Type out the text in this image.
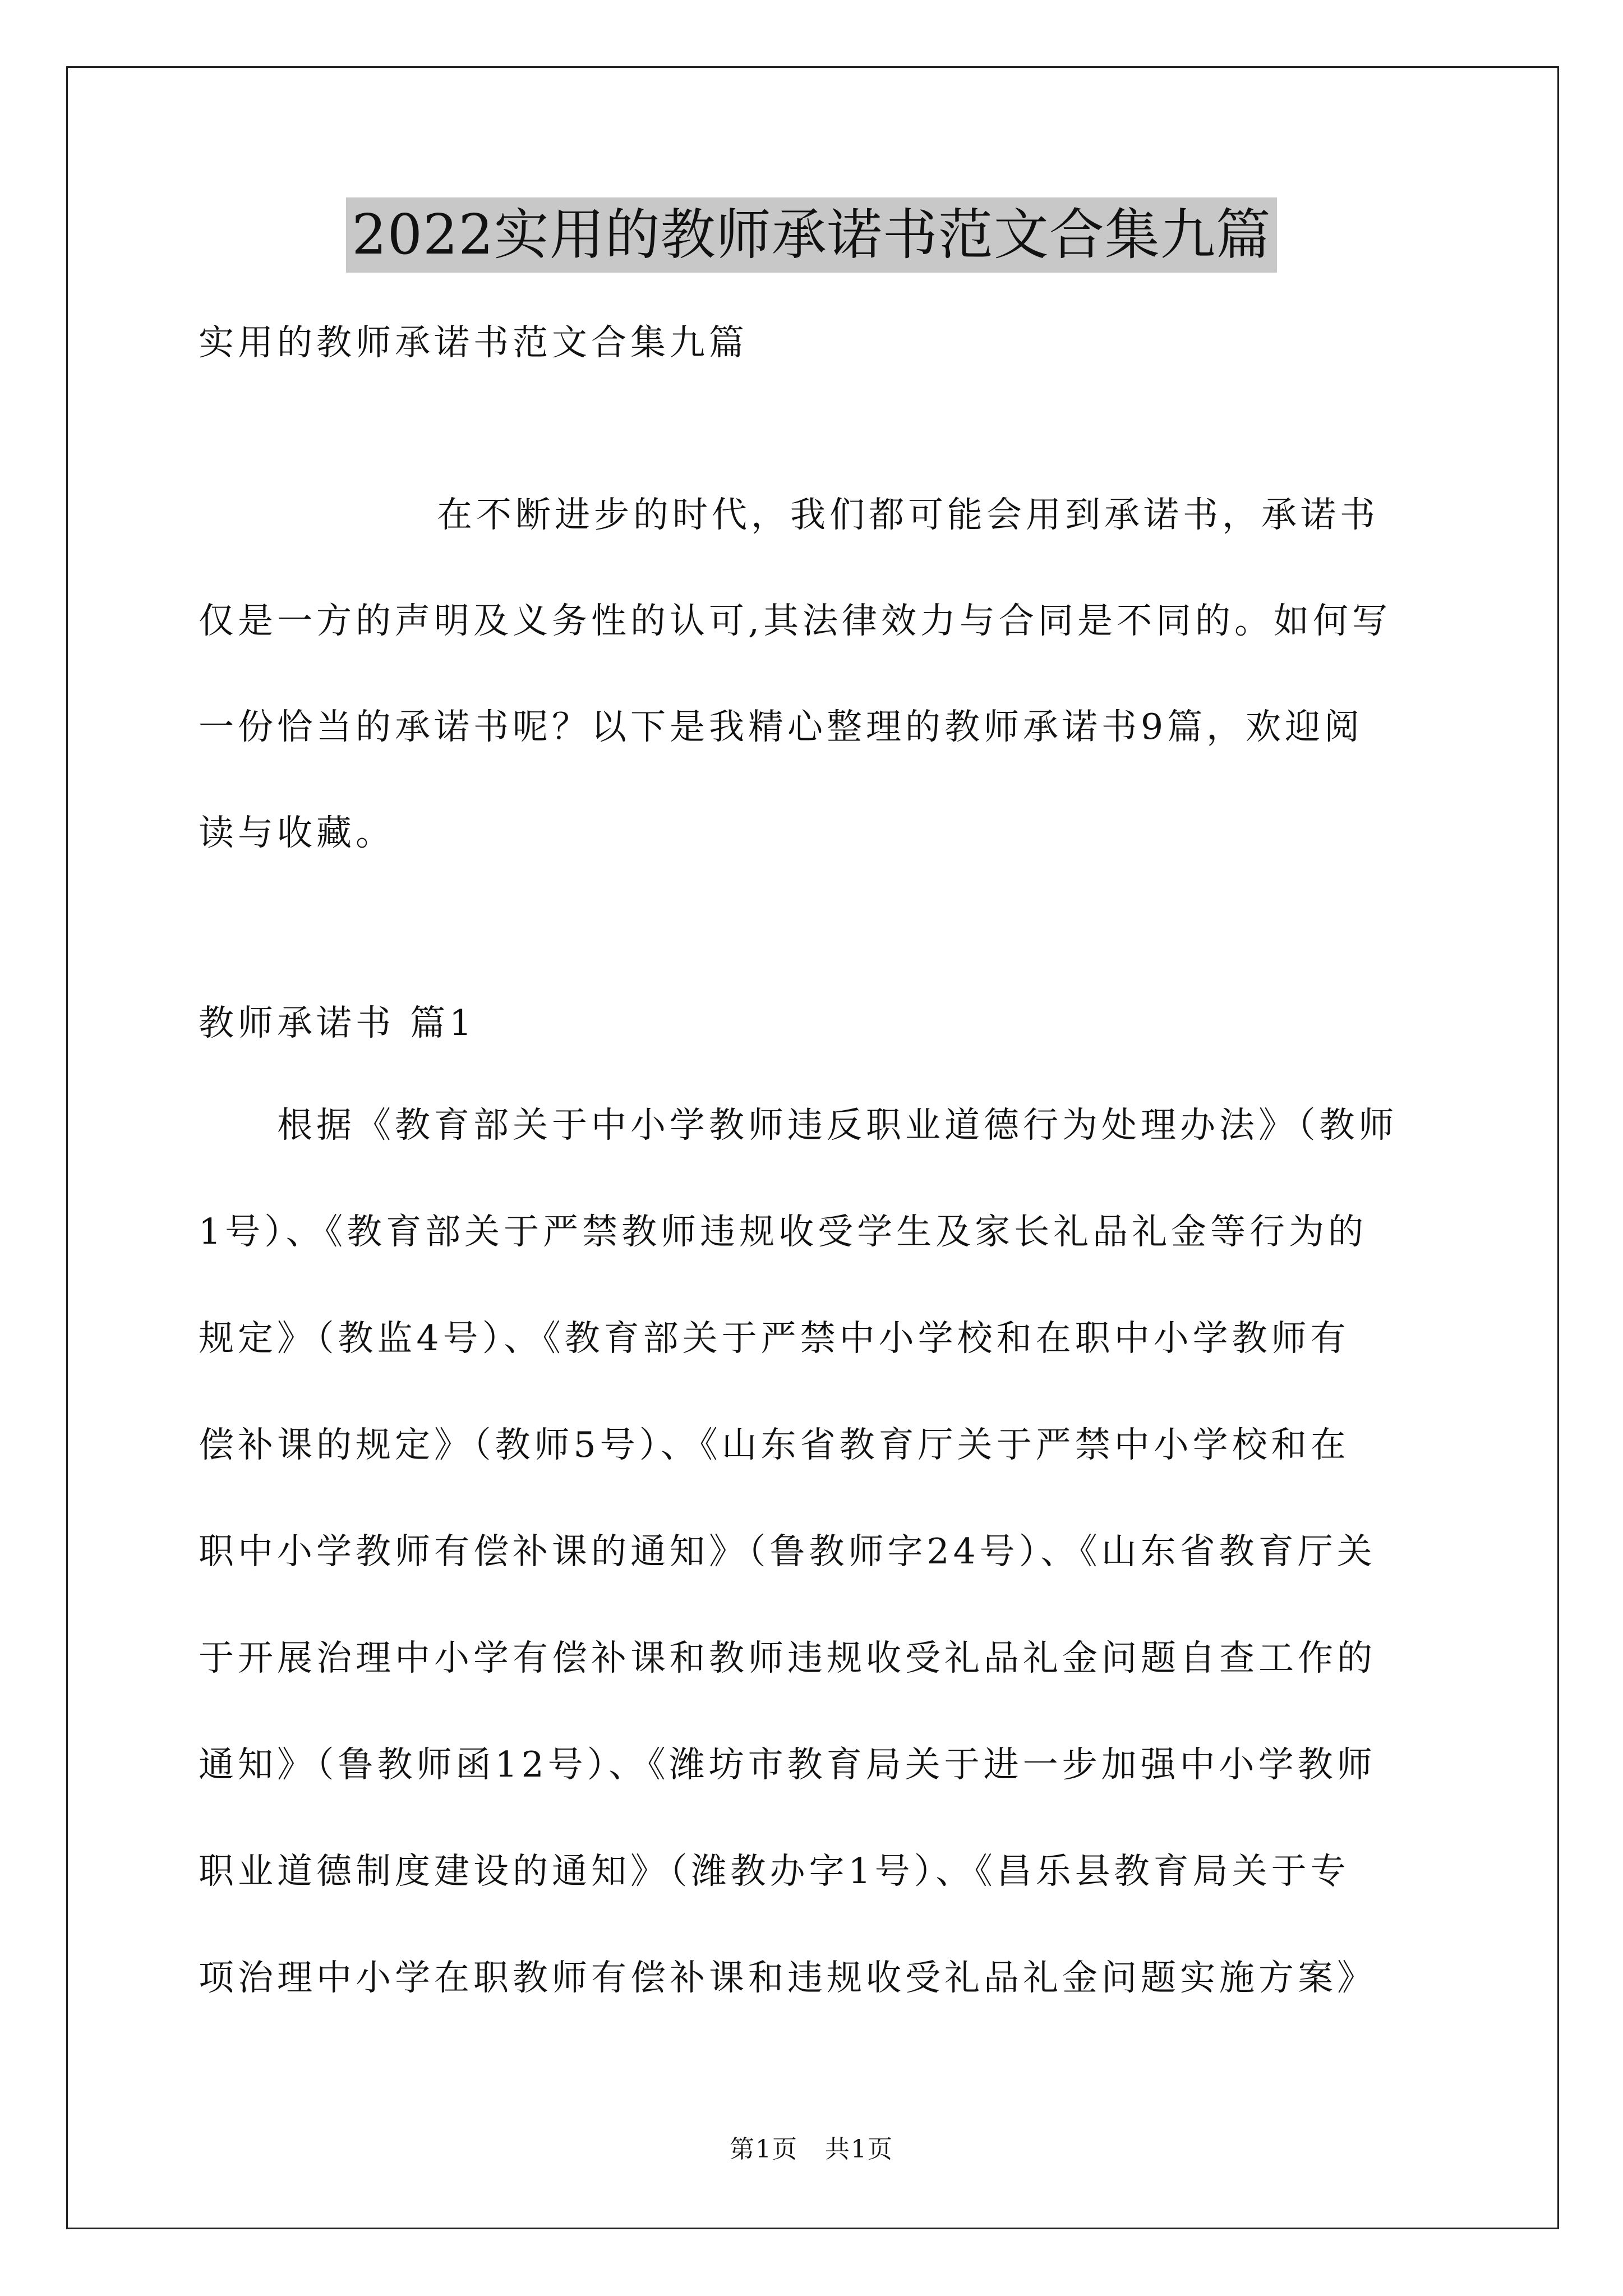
2022实用的教师承诺书范文合集九篇
实用的教师承诺书范文合集九篇
在不断进步的时代，我们都可能会用到承诺书，承诺书
仅是一方的声明及义务性的认可,其法律效力与合同是不同的。如何写
一份恰当的承诺书呢？以下是我精心整理的教师承诺书9篇，欢迎阅
读与收藏。
教师承诺书 篇1
根据《教育部关于中小学教师违反职业道德行为处理办法》（教师
1号）、《教育部关于严禁教师违规收受学生及家长礼品礼金等行为的
规定》（教监4号）、《教育部关于严禁中小学校和在职中小学教师有
偿补课的规定》（教师5号）、《山东省教育厅关于严禁中小学校和在
职中小学教师有偿补课的通知》（鲁教师字24号）、《山东省教育厅关
于开展治理中小学有偿补课和教师违规收受礼品礼金问题自查工作的
通知》（鲁教师函12号）、《潍坊市教育局关于进一步加强中小学教师
职业道德制度建设的通知》（潍教办字1号）、《昌乐县教育局关于专
项治理中小学在职教师有偿补课和违规收受礼品礼金问题实施方案》
第1页 共1页
